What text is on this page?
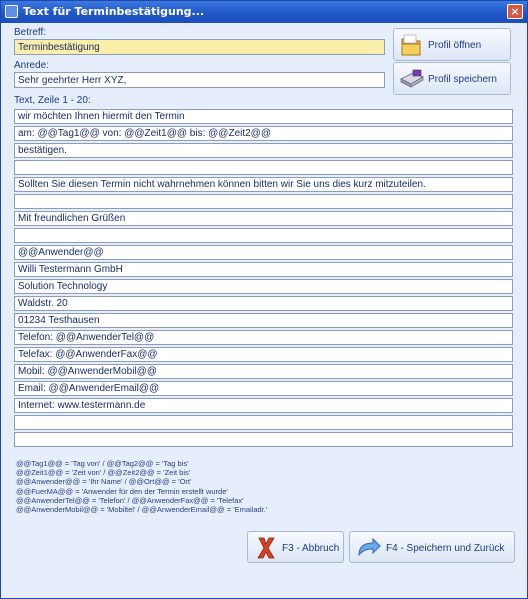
Text für Terminbestätigung...	×
Betreff:
Terminbestätigung
Anrede:
Sehr geehrter Herr XYZ,
Profil öffnen
Profil speichern
Text, Zeile 1 - 20:
wir möchten Ihnen hiermit den Termin
am: @@Tag1@@ von: @@Zeit1@@ bis: @@Zeit2@@
bestätigen.
Sollten Sie diesen Termin nicht wahrnehmen können bitten wir Sie uns dies kurz mitzuteilen.
Mit freundlichen Grüßen
@@Anwender@@
Willi Testermann GmbH
Solution Technology
Waldstr. 20
01234 Testhausen
Telefon: @@AnwenderTel@@
Telefax: @@AnwenderFax@@
Mobil: @@AnwenderMobil@@
Email: @@AnwenderEmail@@
Internet: www.testermann.de
@@Tag1@@ = 'Tag von' / @@Tag2@@ = 'Tag bis'
@@Zeit1@@ = 'Zeit von' / @@Zeit2@@ = 'Zeit bis'
@@Anwender@@ = 'Ihr Name' / @@Ort@@ = 'Ort'
@@FuerMA@@ = 'Anwender für den der Termin erstellt wurde'
@@AnwenderTel@@ = 'Telefon' / @@AnwenderFax@@ = 'Telefax'
@@AnwenderMobil@@ = 'Mobiltel' / @@AnwenderEmail@@ = 'Emailadr.'
F3 - Abbruch	F4 - Speichern und Zurück
